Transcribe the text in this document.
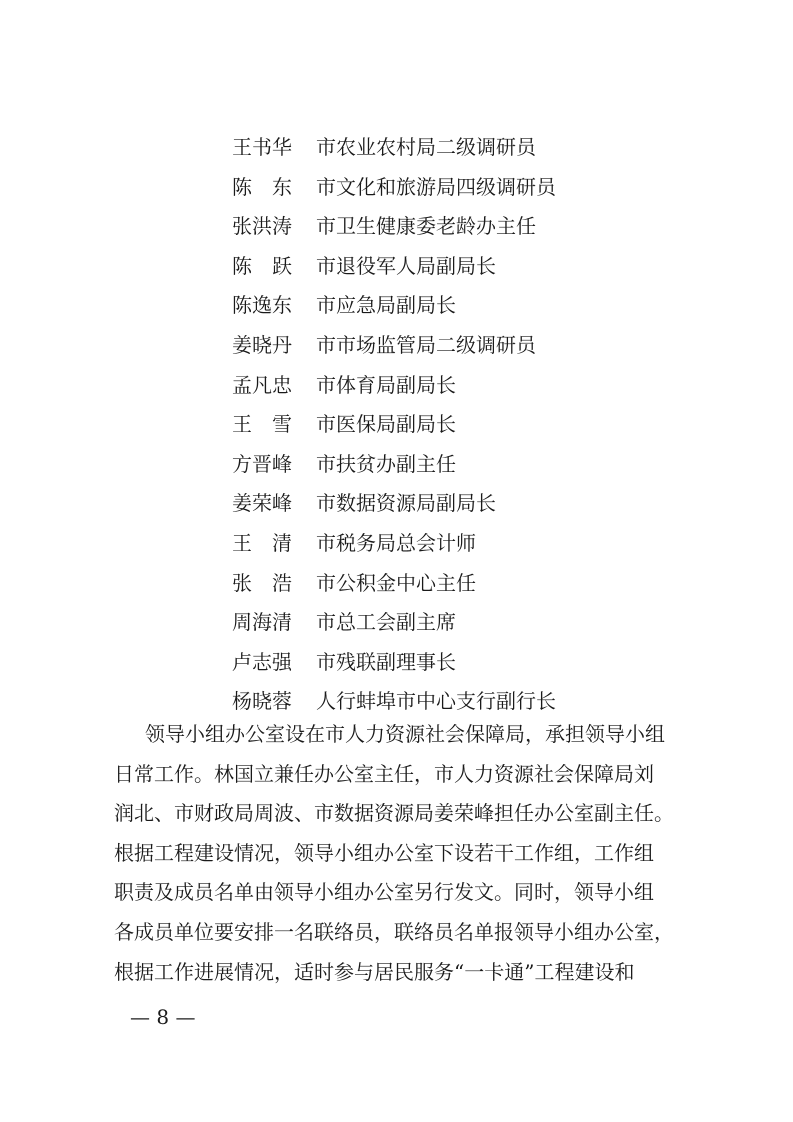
王书华	市农业农村局二级调研员
陈　东	市文化和旅游局四级调研员
张洪涛	市卫生健康委老龄办主任
陈　跃	市退役军人局副局长
陈逸东	市应急局副局长
姜晓丹	市市场监管局二级调研员
孟凡忠	市体育局副局长
王　雪	市医保局副局长
方晋峰	市扶贫办副主任
姜荣峰	市数据资源局副局长
王　清	市税务局总会计师
张　浩	市公积金中心主任
周海清	市总工会副主席
卢志强	市残联副理事长
杨晓蓉	人行蚌埠市中心支行副行长
领导小组办公室设在市人力资源社会保障局，承担领导小组
日常工作。林国立兼任办公室主任，市人力资源社会保障局刘
润北、市财政局周波、市数据资源局姜荣峰担任办公室副主任。
根据工程建设情况，领导小组办公室下设若干工作组，工作组
职责及成员名单由领导小组办公室另行发文。同时，领导小组
各成员单位要安排一名联络员，联络员名单报领导小组办公室，
根据工作进展情况，适时参与居民服务“一卡通”工程建设和
— 8 —
